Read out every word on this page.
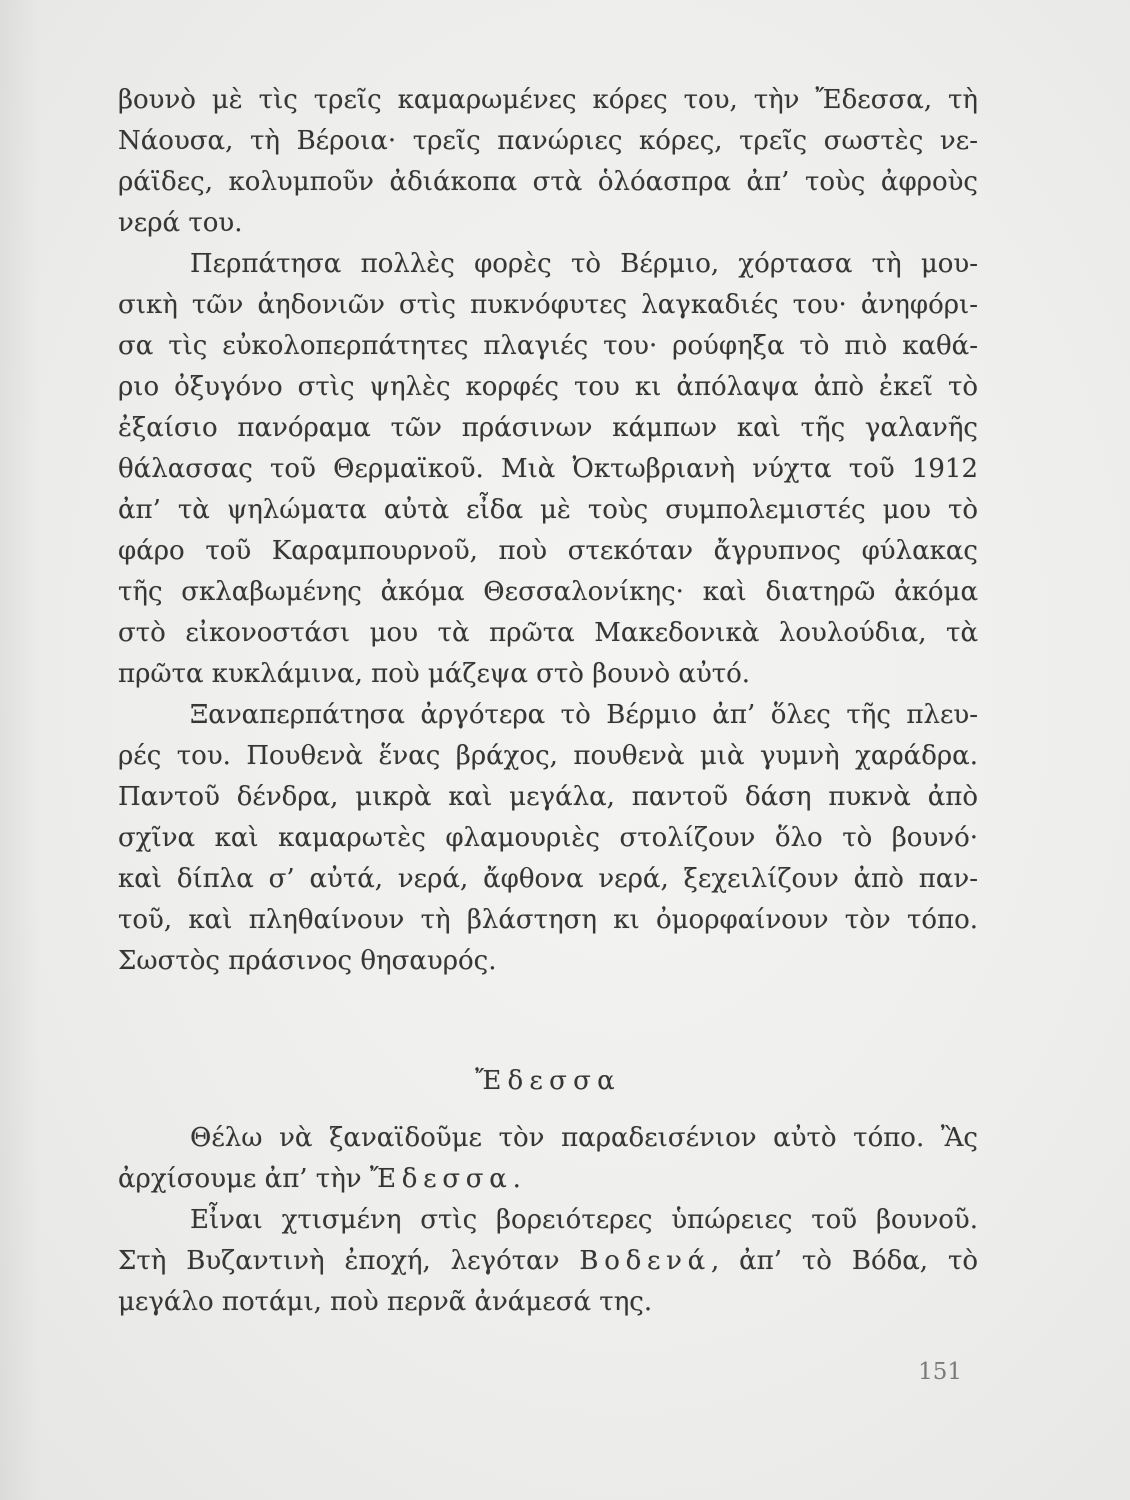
βουνὸ μὲ τὶς τρεῖς καμαρωμένες κόρες του, τὴν Ἔδεσσα, τὴ
Νάουσα, τὴ Βέροια· τρεῖς πανώριες κόρες, τρεῖς σωστὲς νε-
ράϊδες, κολυμποῦν ἀδιάκοπα στὰ ὁλόασπρα ἀπ’ τοὺς ἀφροὺς
νερά του.
Περπάτησα πολλὲς φορὲς τὸ Βέρμιο, χόρτασα τὴ μου-
σικὴ τῶν ἀηδονιῶν στὶς πυκνόφυτες λαγκαδιές του· ἀνηφόρι-
σα τὶς εὐκολοπερπάτητες πλαγιές του· ρούφηξα τὸ πιὸ καθά-
ριο ὀξυγόνο στὶς ψηλὲς κορφές του κι ἀπόλαψα ἀπὸ ἐκεῖ τὸ
ἐξαίσιο πανόραμα τῶν πράσινων κάμπων καὶ τῆς γαλανῆς
θάλασσας τοῦ Θερμαϊκοῦ. Μιὰ Ὀκτωβριανὴ νύχτα τοῦ 1912
ἀπ’ τὰ ψηλώματα αὐτὰ εἶδα μὲ τοὺς συμπολεμιστές μου τὸ
φάρο τοῦ Καραμπουρνοῦ, ποὺ στεκόταν ἄγρυπνος φύλακας
τῆς σκλαβωμένης ἀκόμα Θεσσαλονίκης· καὶ διατηρῶ ἀκόμα
στὸ εἰκονοστάσι μου τὰ πρῶτα Μακεδονικὰ λουλούδια, τὰ
πρῶτα κυκλάμινα, ποὺ μάζεψα στὸ βουνὸ αὐτό.
Ξαναπερπάτησα ἀργότερα τὸ Βέρμιο ἀπ’ ὅλες τῆς πλευ-
ρές του. Πουθενὰ ἕνας βράχος, πουθενὰ μιὰ γυμνὴ χαράδρα.
Παντοῦ δένδρα, μικρὰ καὶ μεγάλα, παντοῦ δάση πυκνὰ ἀπὸ
σχῖνα καὶ καμαρωτὲς φλαμουριὲς στολίζουν ὅλο τὸ βουνό·
καὶ δίπλα σ’ αὐτά, νερά, ἄφθονα νερά, ξεχειλίζουν ἀπὸ παν-
τοῦ, καὶ πληθαίνουν τὴ βλάστηση κι ὀμορφαίνουν τὸν τόπο.
Σωστὸς πράσινος θησαυρός.
Ἔδεσσα
Θέλω νὰ ξαναϊδοῦμε τὸν παραδεισένιον αὐτὸ τόπο. Ἂς
ἀρχίσουμε ἀπ’ τὴν Ἔδεσσα.
Εἶναι χτισμένη στὶς βορειότερες ὑπώρειες τοῦ βουνοῦ.
Στὴ Βυζαντινὴ ἐποχή, λεγόταν Βοδενά, ἀπ’ τὸ Βόδα, τὸ
μεγάλο ποτάμι, ποὺ περνᾶ ἀνάμεσά της.
151
